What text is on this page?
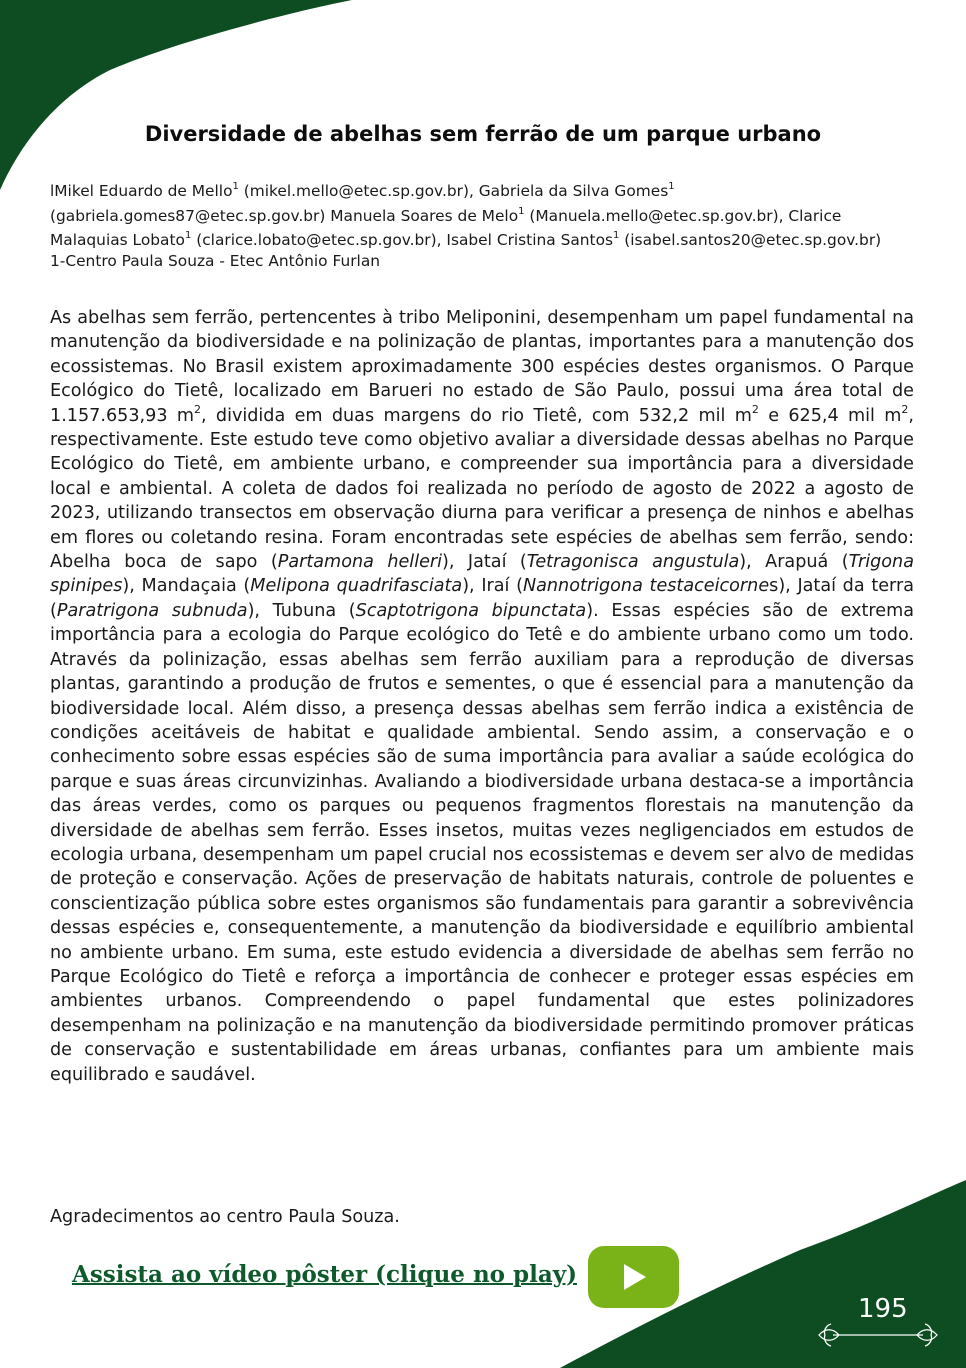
Diversidade de abelhas sem ferrão de um parque urbano
lMikel Eduardo de Mello$^1$ (mikel.mello@etec.sp.gov.br), Gabriela da Silva Gomes$^1$
(gabriela.gomes87@etec.sp.gov.br) Manuela Soares de Melo$^1$ (Manuela.mello@etec.sp.gov.br), Clarice Malaquias Lobato$^1$ (clarice.lobato@etec.sp.gov.br), Isabel Cristina Santos$^1$ (isabel.santos20@etec.sp.gov.br)
1-Centro Paula Souza - Etec Antônio Furlan

As abelhas sem ferrão, pertencentes à tribo Meliponini, desempenham um papel fundamental na manutenção da biodiversidade e na polinização de plantas, importantes para a manutenção dos ecossistemas. No Brasil existem aproximadamente 300 espécies destes organismos. O Parque Ecológico do Tietê, localizado em Barueri no estado de São Paulo, possui uma área total de 1.157.653,93 $m^2$, dividida em duas margens do rio Tietê, com 532,2 mil $m^2$ e 625,4 mil $m^2$, respectivamente. Este estudo teve como objetivo avaliar a diversidade dessas abelhas no Parque Ecológico do Tietê, em ambiente urbano, e compreender sua importância para a diversidade local e ambiental. A coleta de dados foi realizada no período de agosto de 2022 a agosto de 2023, utilizando transectos em observação diurna para verificar a presença de ninhos e abelhas em flores ou coletando resina. Foram encontradas sete espécies de abelhas sem ferrão, sendo: Abelha boca de sapo (Partamona helleri), Jataí (Tetragonisca angustula), Arapuá (Trigona spinipes), Mandaçaia (Melipona quadrifasciata), Iraí (Nannotrigona testaceicornes), Jataí da terra (Paratrigona subnuda), Tubuna (Scaptotrigona bipunctata). Essas espécies são de extrema importância para a ecologia do Parque ecológico do Tetê e do ambiente urbano como um todo. Através da polinização, essas abelhas sem ferrão auxiliam para a reprodução de diversas plantas, garantindo a produção de frutos e sementes, o que é essencial para a manutenção da biodiversidade local. Além disso, a presença dessas abelhas sem ferrão indica a existência de condições aceitáveis de habitat e qualidade ambiental. Sendo assim, a conservação e o conhecimento sobre essas espécies são de suma importância para avaliar a saúde ecológica do parque e suas áreas circunvizinhas. Avaliando a biodiversidade urbana destaca-se a importância das áreas verdes, como os parques ou pequenos fragmentos florestais na manutenção da diversidade de abelhas sem ferrão. Esses insetos, muitas vezes negligenciados em estudos de ecologia urbana, desempenham um papel crucial nos ecossistemas e devem ser alvo de medidas de proteção e conservação. Ações de preservação de habitats naturais, controle de poluentes e conscientização pública sobre estes organismos são fundamentais para garantir a sobrevivência dessas espécies e, consequentemente, a manutenção da biodiversidade e equilíbrio ambiental no ambiente urbano. Em suma, este estudo evidencia a diversidade de abelhas sem ferrão no Parque Ecológico do Tietê e reforça a importância de conhecer e proteger essas espécies em ambientes urbanos. Compreendendo o papel fundamental que estes polinizadores desempenham na polinização e na manutenção da biodiversidade permitindo promover práticas de conservação e sustentabilidade em áreas urbanas, confiantes para um ambiente mais equilibrado e saudável.

Agradecimentos ao centro Paula Souza.

Assista ao vídeo pôster (clique no play)
195
